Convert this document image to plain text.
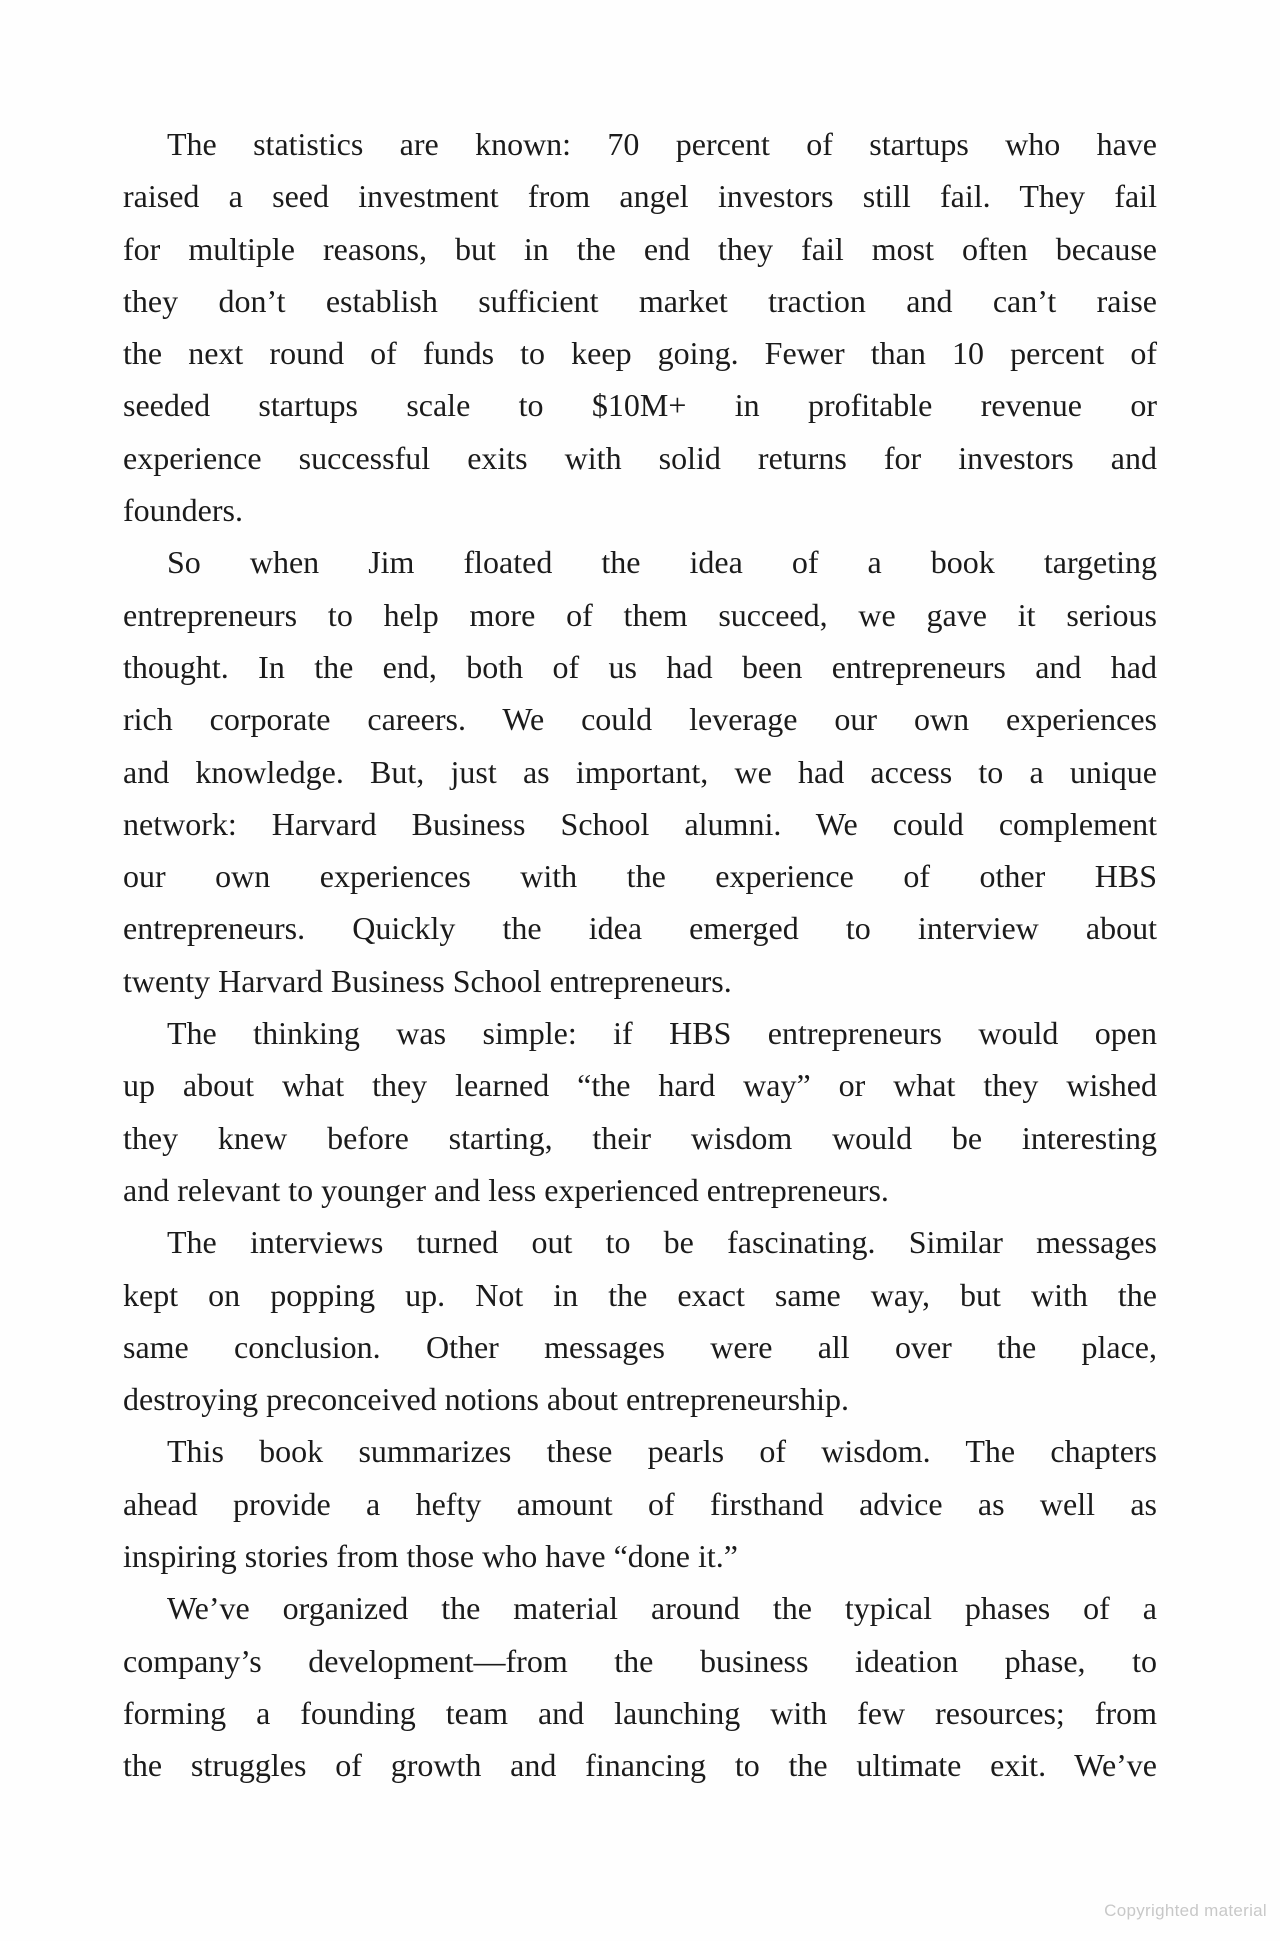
The statistics are known: 70 percent of startups who have
raised a seed investment from angel investors still fail. They fail
for multiple reasons, but in the end they fail most often because
they don’t establish sufficient market traction and can’t raise
the next round of funds to keep going. Fewer than 10 percent of
seeded startups scale to $10M+ in profitable revenue or
experience successful exits with solid returns for investors and
founders.
So when Jim floated the idea of a book targeting
entrepreneurs to help more of them succeed, we gave it serious
thought. In the end, both of us had been entrepreneurs and had
rich corporate careers. We could leverage our own experiences
and knowledge. But, just as important, we had access to a unique
network: Harvard Business School alumni. We could complement
our own experiences with the experience of other HBS
entrepreneurs. Quickly the idea emerged to interview about
twenty Harvard Business School entrepreneurs.
The thinking was simple: if HBS entrepreneurs would open
up about what they learned “the hard way” or what they wished
they knew before starting, their wisdom would be interesting
and relevant to younger and less experienced entrepreneurs.
The interviews turned out to be fascinating. Similar messages
kept on popping up. Not in the exact same way, but with the
same conclusion. Other messages were all over the place,
destroying preconceived notions about entrepreneurship.
This book summarizes these pearls of wisdom. The chapters
ahead provide a hefty amount of firsthand advice as well as
inspiring stories from those who have “done it.”
We’ve organized the material around the typical phases of a
company’s development—from the business ideation phase, to
forming a founding team and launching with few resources; from
the struggles of growth and financing to the ultimate exit. We’ve
Copyrighted material
